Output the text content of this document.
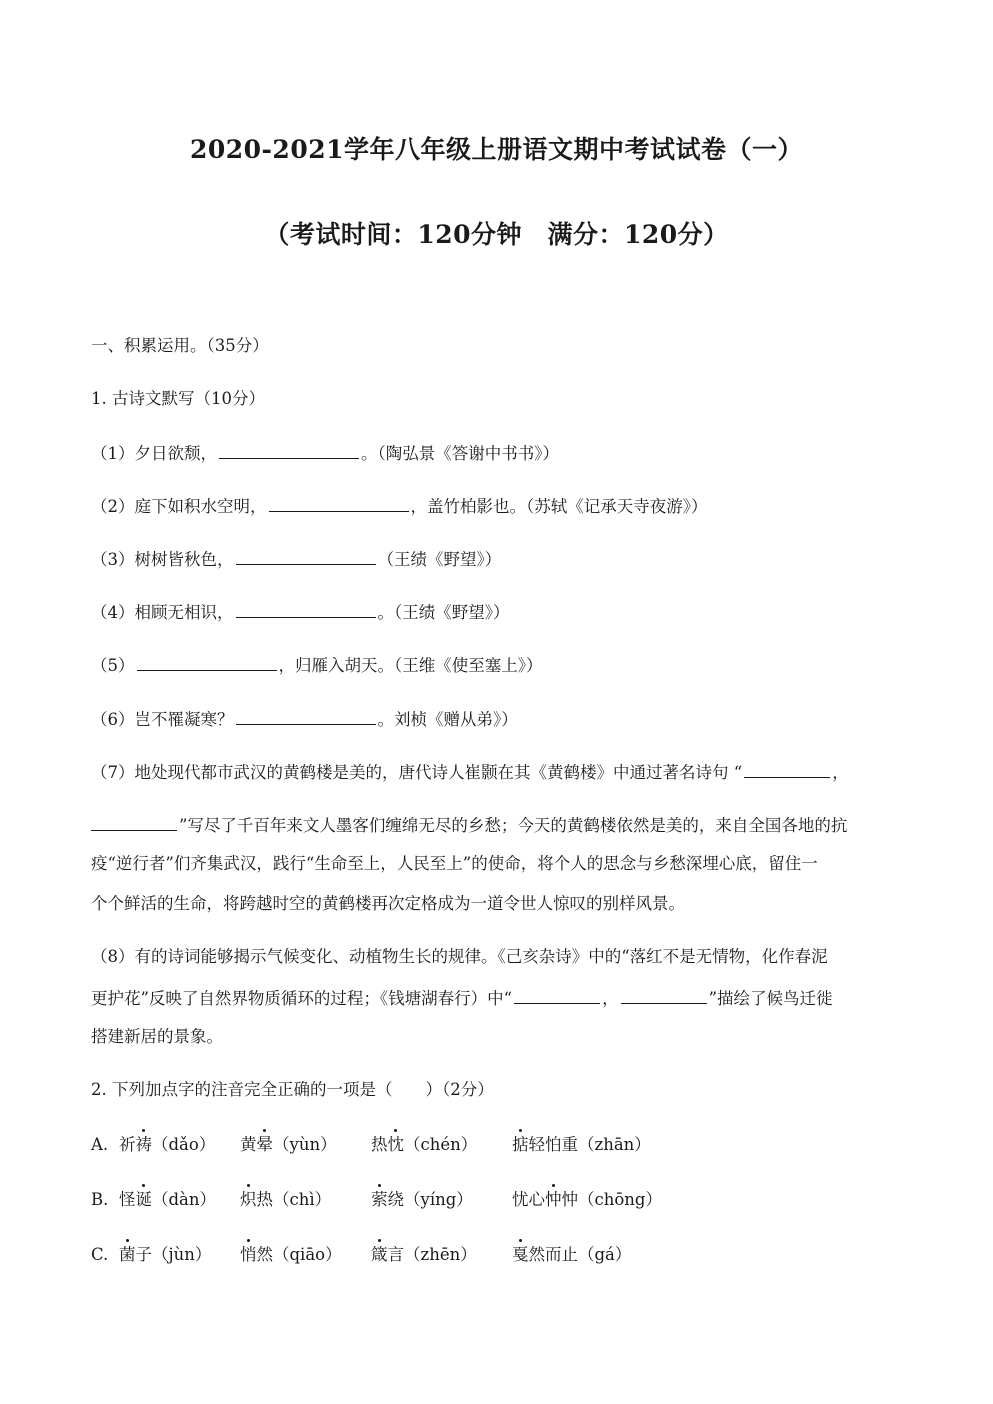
2020-2021学年八年级上册语文期中考试试卷（一）
（考试时间：120分钟　满分：120分）
一、积累运用。（35分）
1. 古诗文默写（10分）
（1）夕日欲颓，	。（陶弘景《答谢中书书》）
（2）庭下如积水空明，	，盖竹柏影也。（苏轼《记承天寺夜游》）
（3）树树皆秋色，	（王绩《野望》）
（4）相顾无相识，	。（王绩《野望》）
（5）	，归雁入胡天。（王维《使至塞上》）
（6）岂不罹凝寒？	。刘桢《赠从弟》）
（7）地处现代都市武汉的黄鹤楼是美的，唐代诗人崔颢在其《黄鹤楼》中通过著名诗句 “	，
”写尽了千百年来文人墨客们缠绵无尽的乡愁；今天的黄鹤楼依然是美的，来自全国各地的抗
疫“逆行者”们齐集武汉，践行“生命至上，人民至上”的使命，将个人的思念与乡愁深埋心底，留住一
个个鲜活的生命，将跨越时空的黄鹤楼再次定格成为一道令世人惊叹的别样风景。
（8）有的诗词能够揭示气候变化、动植物生长的规律。《己亥杂诗》中的“落红不是无情物，化作春泥
更护花”反映了自然界物质循环的过程；《钱塘湖春行）中“	，	”描绘了候鸟迁徙
搭建新居的景象。
2. 下列加点字的注音完全正确的一项是（　　）（2分）
A. 祈祷（dǎo） 黄晕（yùn） 热忱（chén） 掂轻怕重（zhān）
B. 怪诞（dàn） 炽热（chì） 萦绕（yíng） 忧心忡忡（chōng）
C. 菌子（jùn） 悄然（qiāo） 箴言（zhēn） 戛然而止（gá）
